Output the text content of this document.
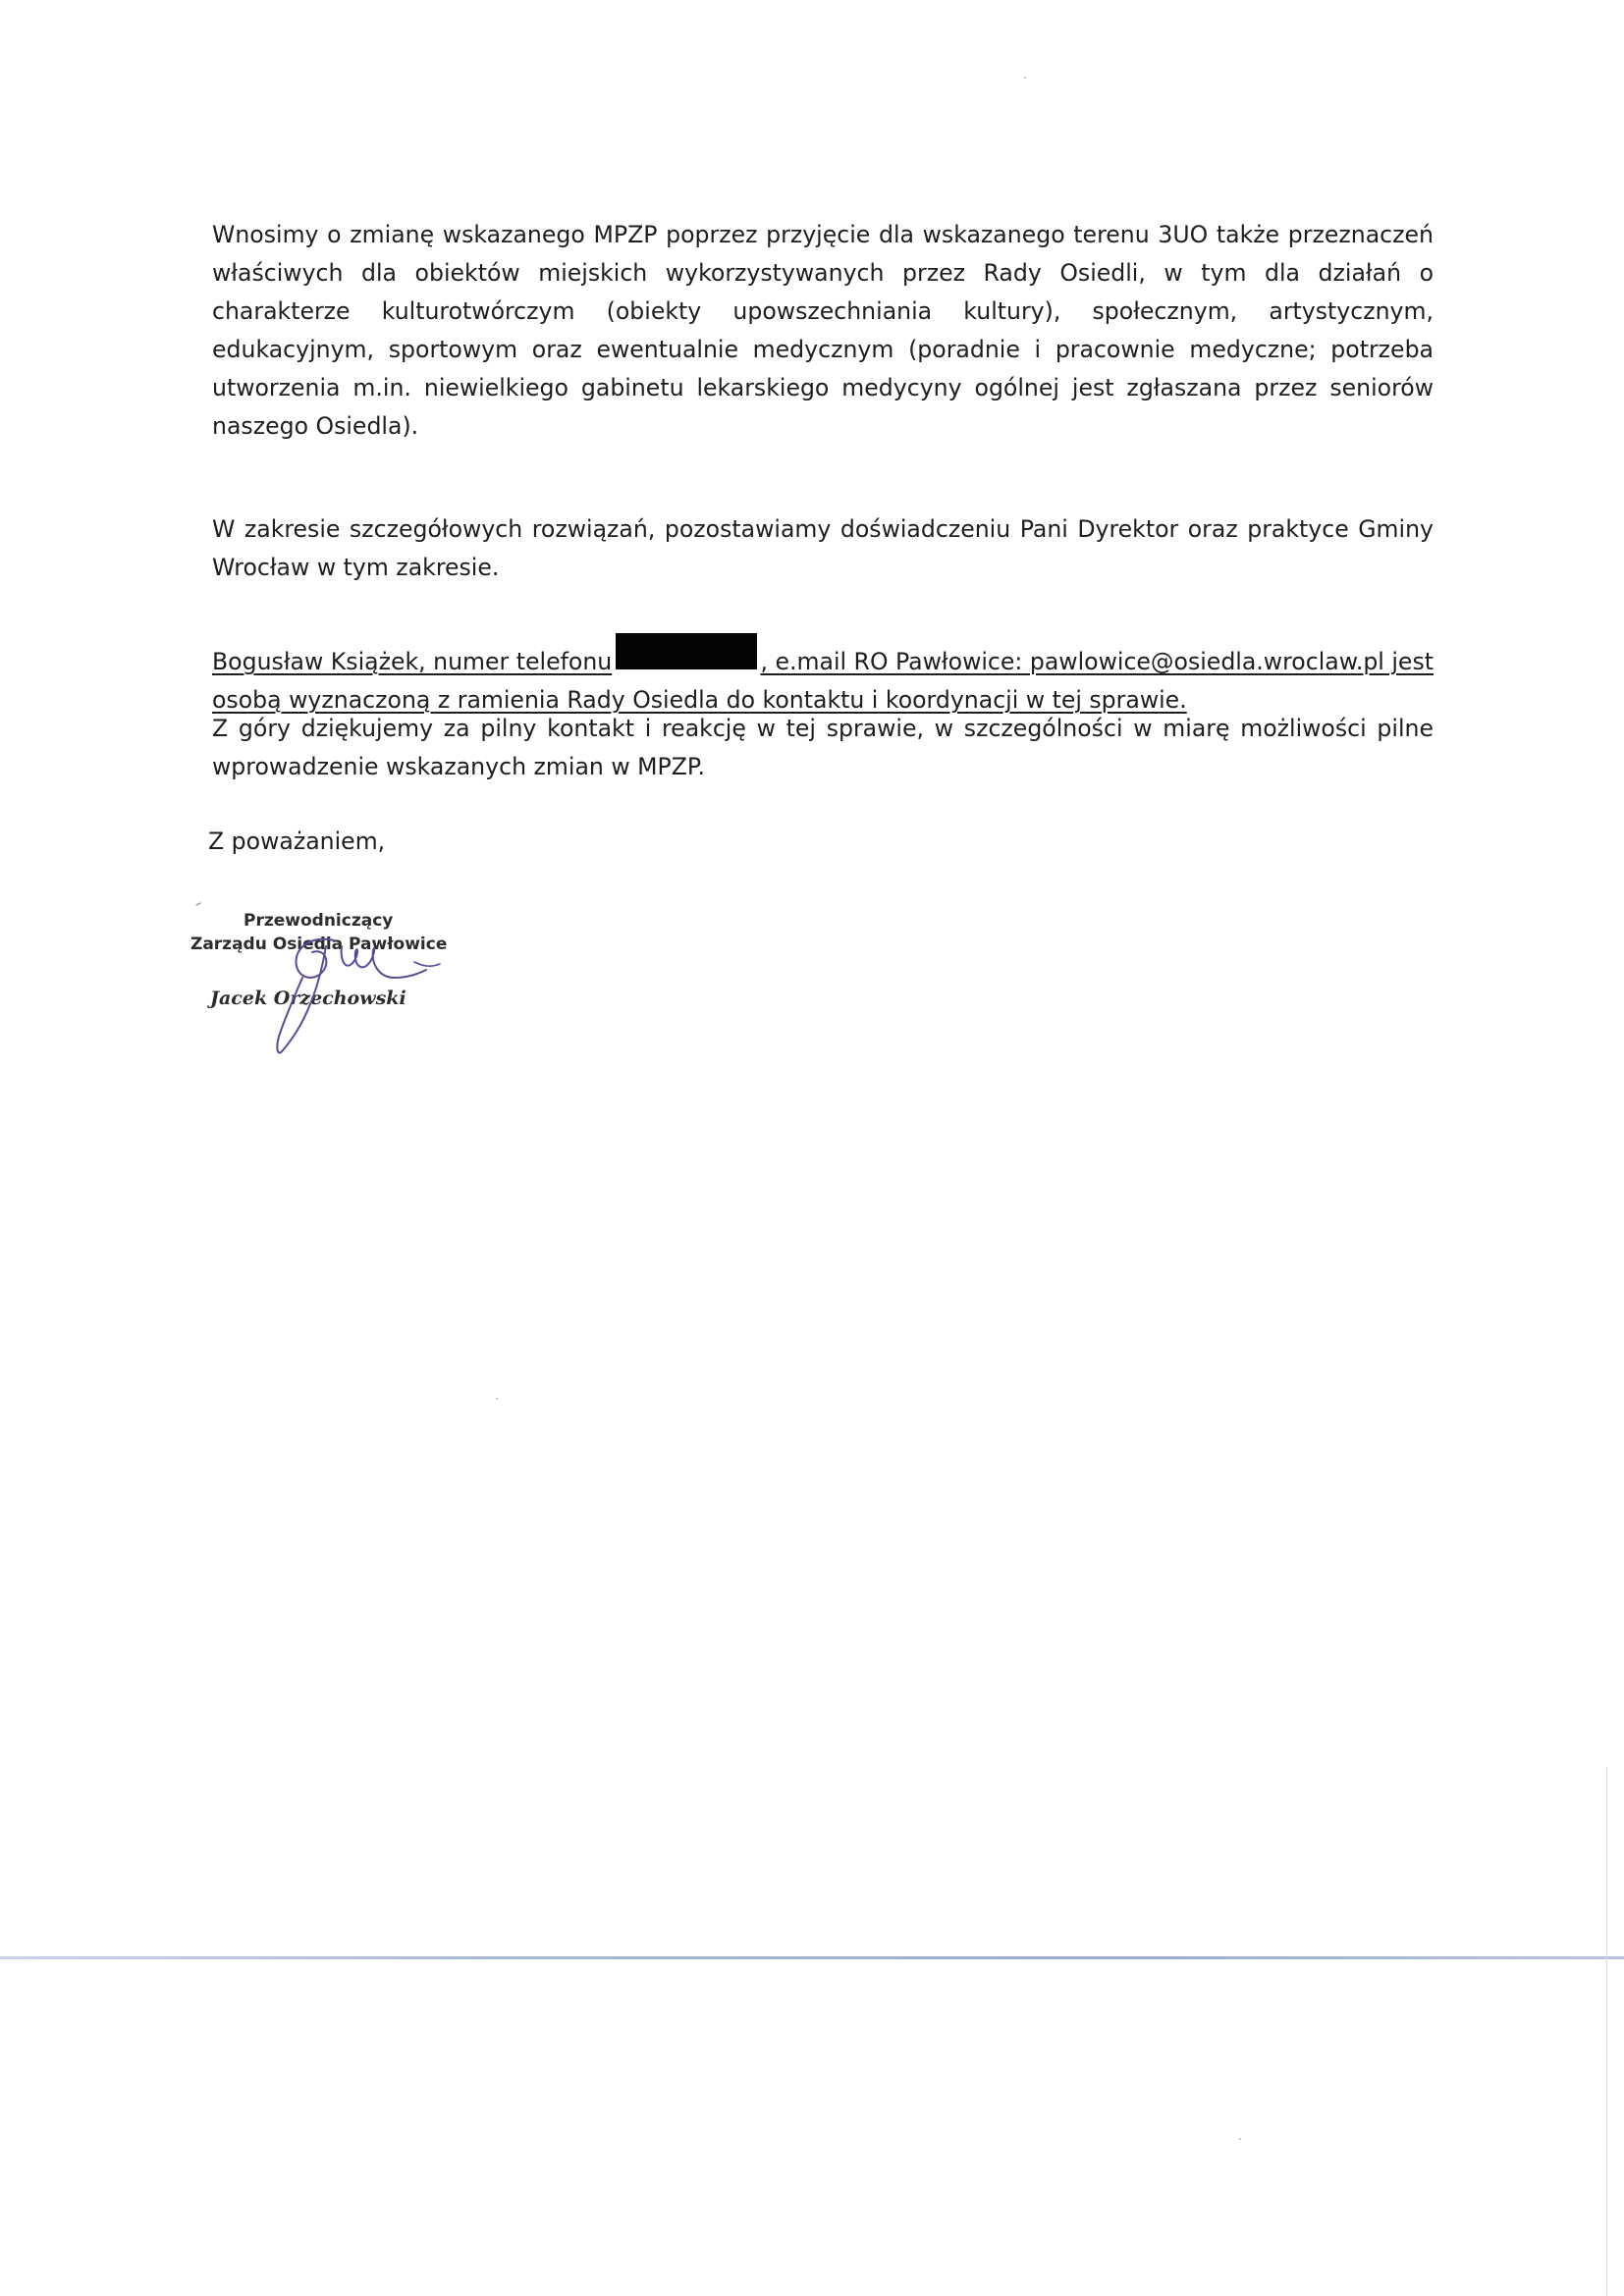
Wnosimy o zmianę wskazanego MPZP poprzez przyjęcie dla wskazanego terenu 3UO także przeznaczeń właściwych dla obiektów miejskich wykorzystywanych przez Rady Osiedli, w tym dla działań o charakterze kulturotwórczym (obiekty upowszechniania kultury), społecznym, artystycznym, edukacyjnym, sportowym oraz ewentualnie medycznym (poradnie i pracownie medyczne; potrzeba utworzenia m.in. niewielkiego gabinetu lekarskiego medycyny ogólnej jest zgłaszana przez seniorów naszego Osiedla).
W zakresie szczegółowych rozwiązań, pozostawiamy doświadczeniu Pani Dyrektor oraz praktyce Gminy Wrocław w tym zakresie.
Bogusław Książek, numer telefonu	, e.mail RO Pawłowice: pawlowice@osiedla.wroclaw.pl jest
osobą wyznaczoną z ramienia Rady Osiedla do kontaktu i koordynacji w tej sprawie.
Z góry dziękujemy za pilny kontakt i reakcję w tej sprawie, w szczególności w miarę możliwości pilne wprowadzenie wskazanych zmian w MPZP.
Z poważaniem,
Przewodniczący
Zarządu Osiedla Pawłowice
Jacek Orzechowski
